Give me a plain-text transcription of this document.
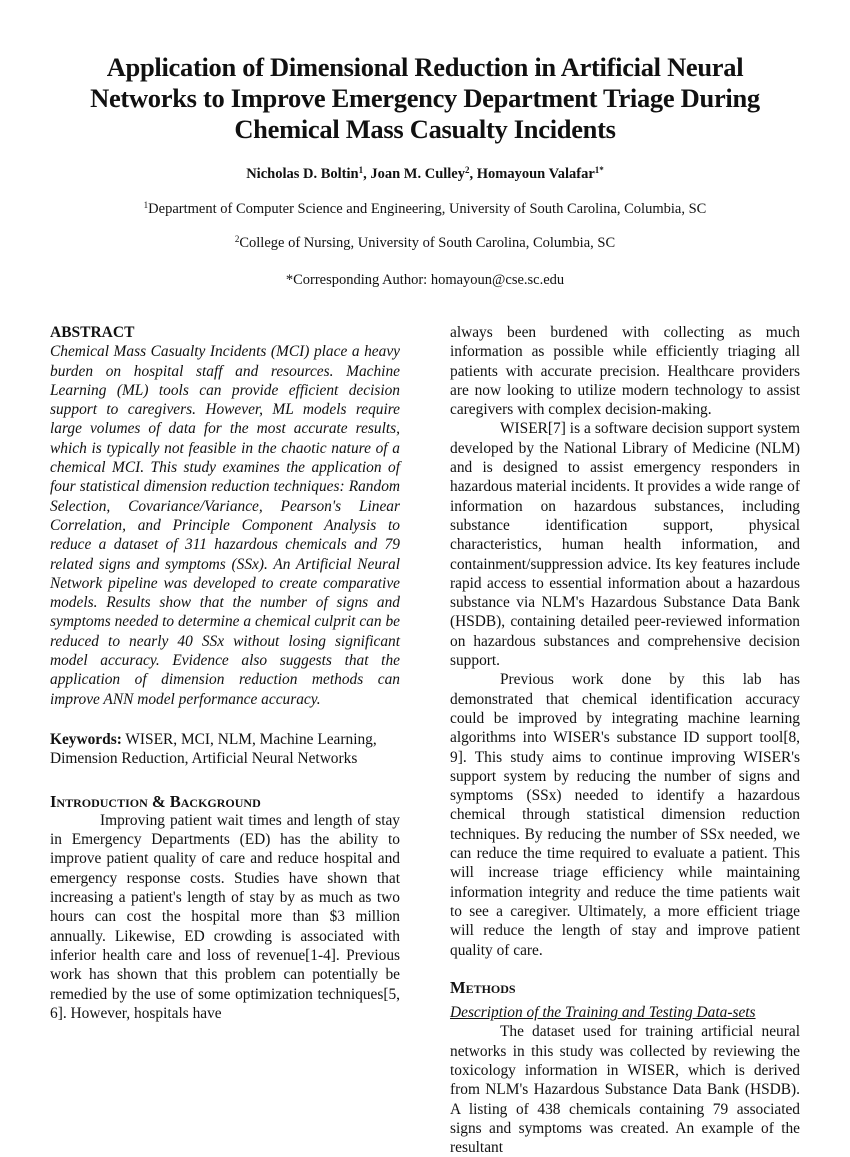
Application of Dimensional Reduction in Artificial Neural Networks to Improve Emergency Department Triage During Chemical Mass Casualty Incidents
Nicholas D. Boltin$^1$, Joan M. Culley$^2$, Homayoun Valafar$^{1*}$
$^1$Department of Computer Science and Engineering, University of South Carolina, Columbia, SC
$^2$College of Nursing, University of South Carolina, Columbia, SC
*Corresponding Author: homayoun@cse.sc.edu
ABSTRACT

Chemical Mass Casualty Incidents (MCI) place a heavy burden on hospital staff and resources. Machine Learning (ML) tools can provide efficient decision support to caregivers. However, ML models require large volumes of data for the most accurate results, which is typically not feasible in the chaotic nature of a chemical MCI. This study examines the application of four statistical dimension reduction techniques: Random Selection, Covariance/Variance, Pearson's Linear Correlation, and Principle Component Analysis to reduce a dataset of 311 hazardous chemicals and 79 related signs and symptoms (SSx). An Artificial Neural Network pipeline was developed to create comparative models. Results show that the number of signs and symptoms needed to determine a chemical culprit can be reduced to nearly 40 SSx without losing significant model accuracy. Evidence also suggests that the application of dimension reduction methods can improve ANN model performance accuracy.

Keywords: WISER, MCI, NLM, Machine Learning, Dimension Reduction, Artificial Neural Networks

Introduction & Background

Improving patient wait times and length of stay in Emergency Departments (ED) has the ability to improve patient quality of care and reduce hospital and emergency response costs. Studies have shown that increasing a patient's length of stay by as much as two hours can cost the hospital more than $3 million annually. Likewise, ED crowding is associated with inferior health care and loss of revenue[1-4]. Previous work has shown that this problem can potentially be remedied by the use of some optimization techniques[5, 6]. However, hospitals have

always been burdened with collecting as much information as possible while efficiently triaging all patients with accurate precision. Healthcare providers are now looking to utilize modern technology to assist caregivers with complex decision-making.

WISER[7] is a software decision support system developed by the National Library of Medicine (NLM) and is designed to assist emergency responders in hazardous material incidents. It provides a wide range of information on hazardous substances, including substance identification support, physical characteristics, human health information, and containment/suppression advice. Its key features include rapid access to essential information about a hazardous substance via NLM's Hazardous Substance Data Bank (HSDB), containing detailed peer-reviewed information on hazardous substances and comprehensive decision support.

Previous work done by this lab has demonstrated that chemical identification accuracy could be improved by integrating machine learning algorithms into WISER's substance ID support tool[8, 9]. This study aims to continue improving WISER's support system by reducing the number of signs and symptoms (SSx) needed to identify a hazardous chemical through statistical dimension reduction techniques. By reducing the number of SSx needed, we can reduce the time required to evaluate a patient. This will increase triage efficiency while maintaining information integrity and reduce the time patients wait to see a caregiver. Ultimately, a more efficient triage will reduce the length of stay and improve patient quality of care.

Methods
Description of the Training and Testing Data-sets

The dataset used for training artificial neural networks in this study was collected by reviewing the toxicology information in WISER, which is derived from NLM's Hazardous Substance Data Bank (HSDB). A listing of 438 chemicals containing 79 associated signs and symptoms was created. An example of the resultant
